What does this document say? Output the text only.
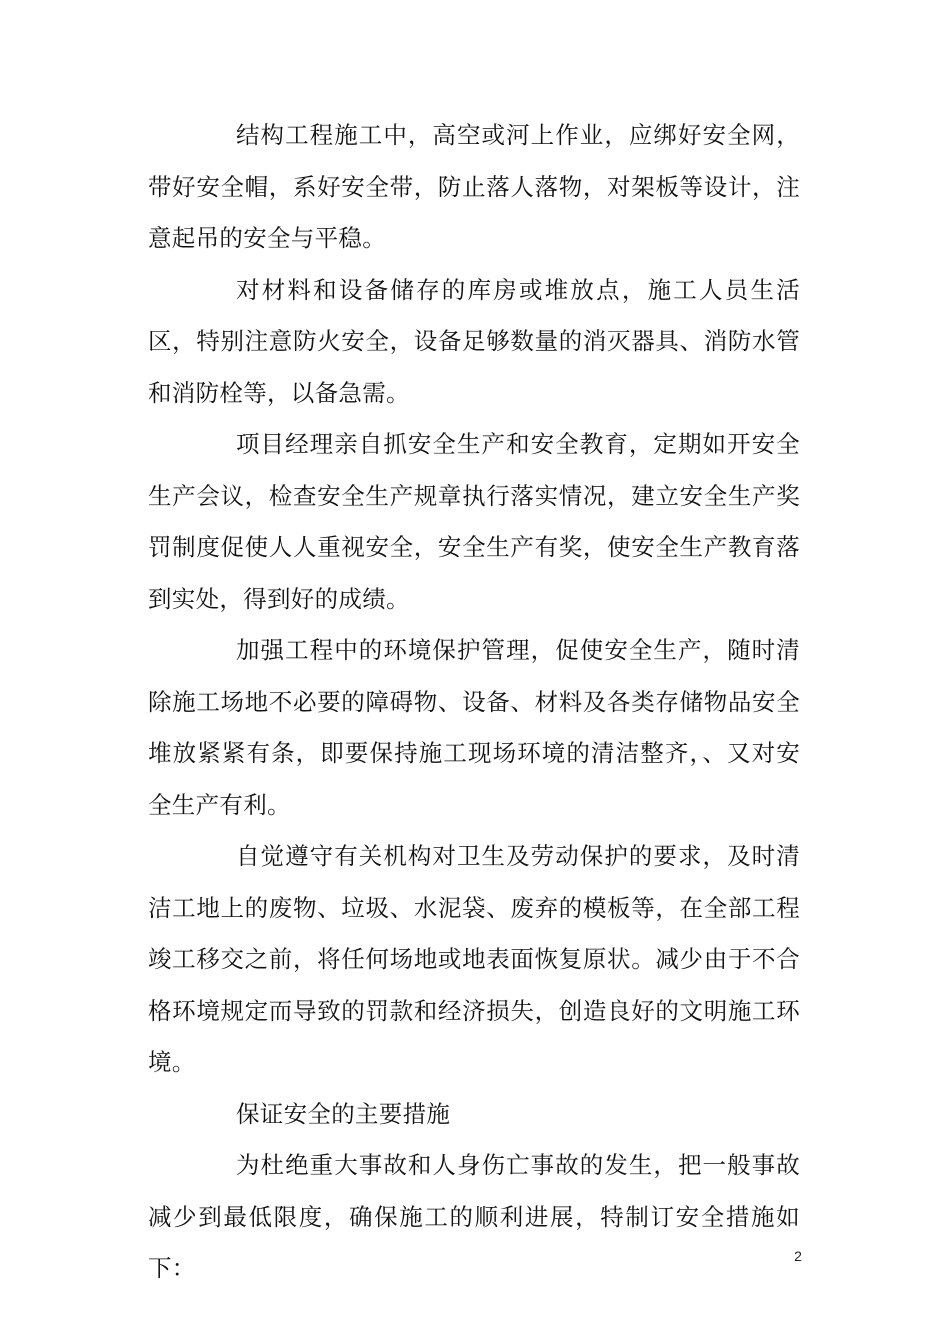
结构工程施工中，高空或河上作业，应绑好安全网，带好安全帽，系好安全带，防止落人落物，对架板等设计，注意起吊的安全与平稳。

对材料和设备储存的库房或堆放点，施工人员生活区，特别注意防火安全，设备足够数量的消灭器具、消防水管和消防栓等，以备急需。

项目经理亲自抓安全生产和安全教育，定期如开安全生产会议，检查安全生产规章执行落实情况，建立安全生产奖罚制度促使人人重视安全，安全生产有奖，使安全生产教育落到实处，得到好的成绩。

加强工程中的环境保护管理，促使安全生产，随时清除施工场地不必要的障碍物、设备、材料及各类存储物品安全堆放紧紧有条，即要保持施工现场环境的清洁整齐，、又对安全生产有利。

自觉遵守有关机构对卫生及劳动保护的要求，及时清洁工地上的废物、垃圾、水泥袋、废弃的模板等，在全部工程竣工移交之前，将任何场地或地表面恢复原状。减少由于不合格环境规定而导致的罚款和经济损失，创造良好的文明施工环境。

保证安全的主要措施

为杜绝重大事故和人身伤亡事故的发生，把一般事故减少到最低限度，确保施工的顺利进展，特制订安全措施如下：	2
